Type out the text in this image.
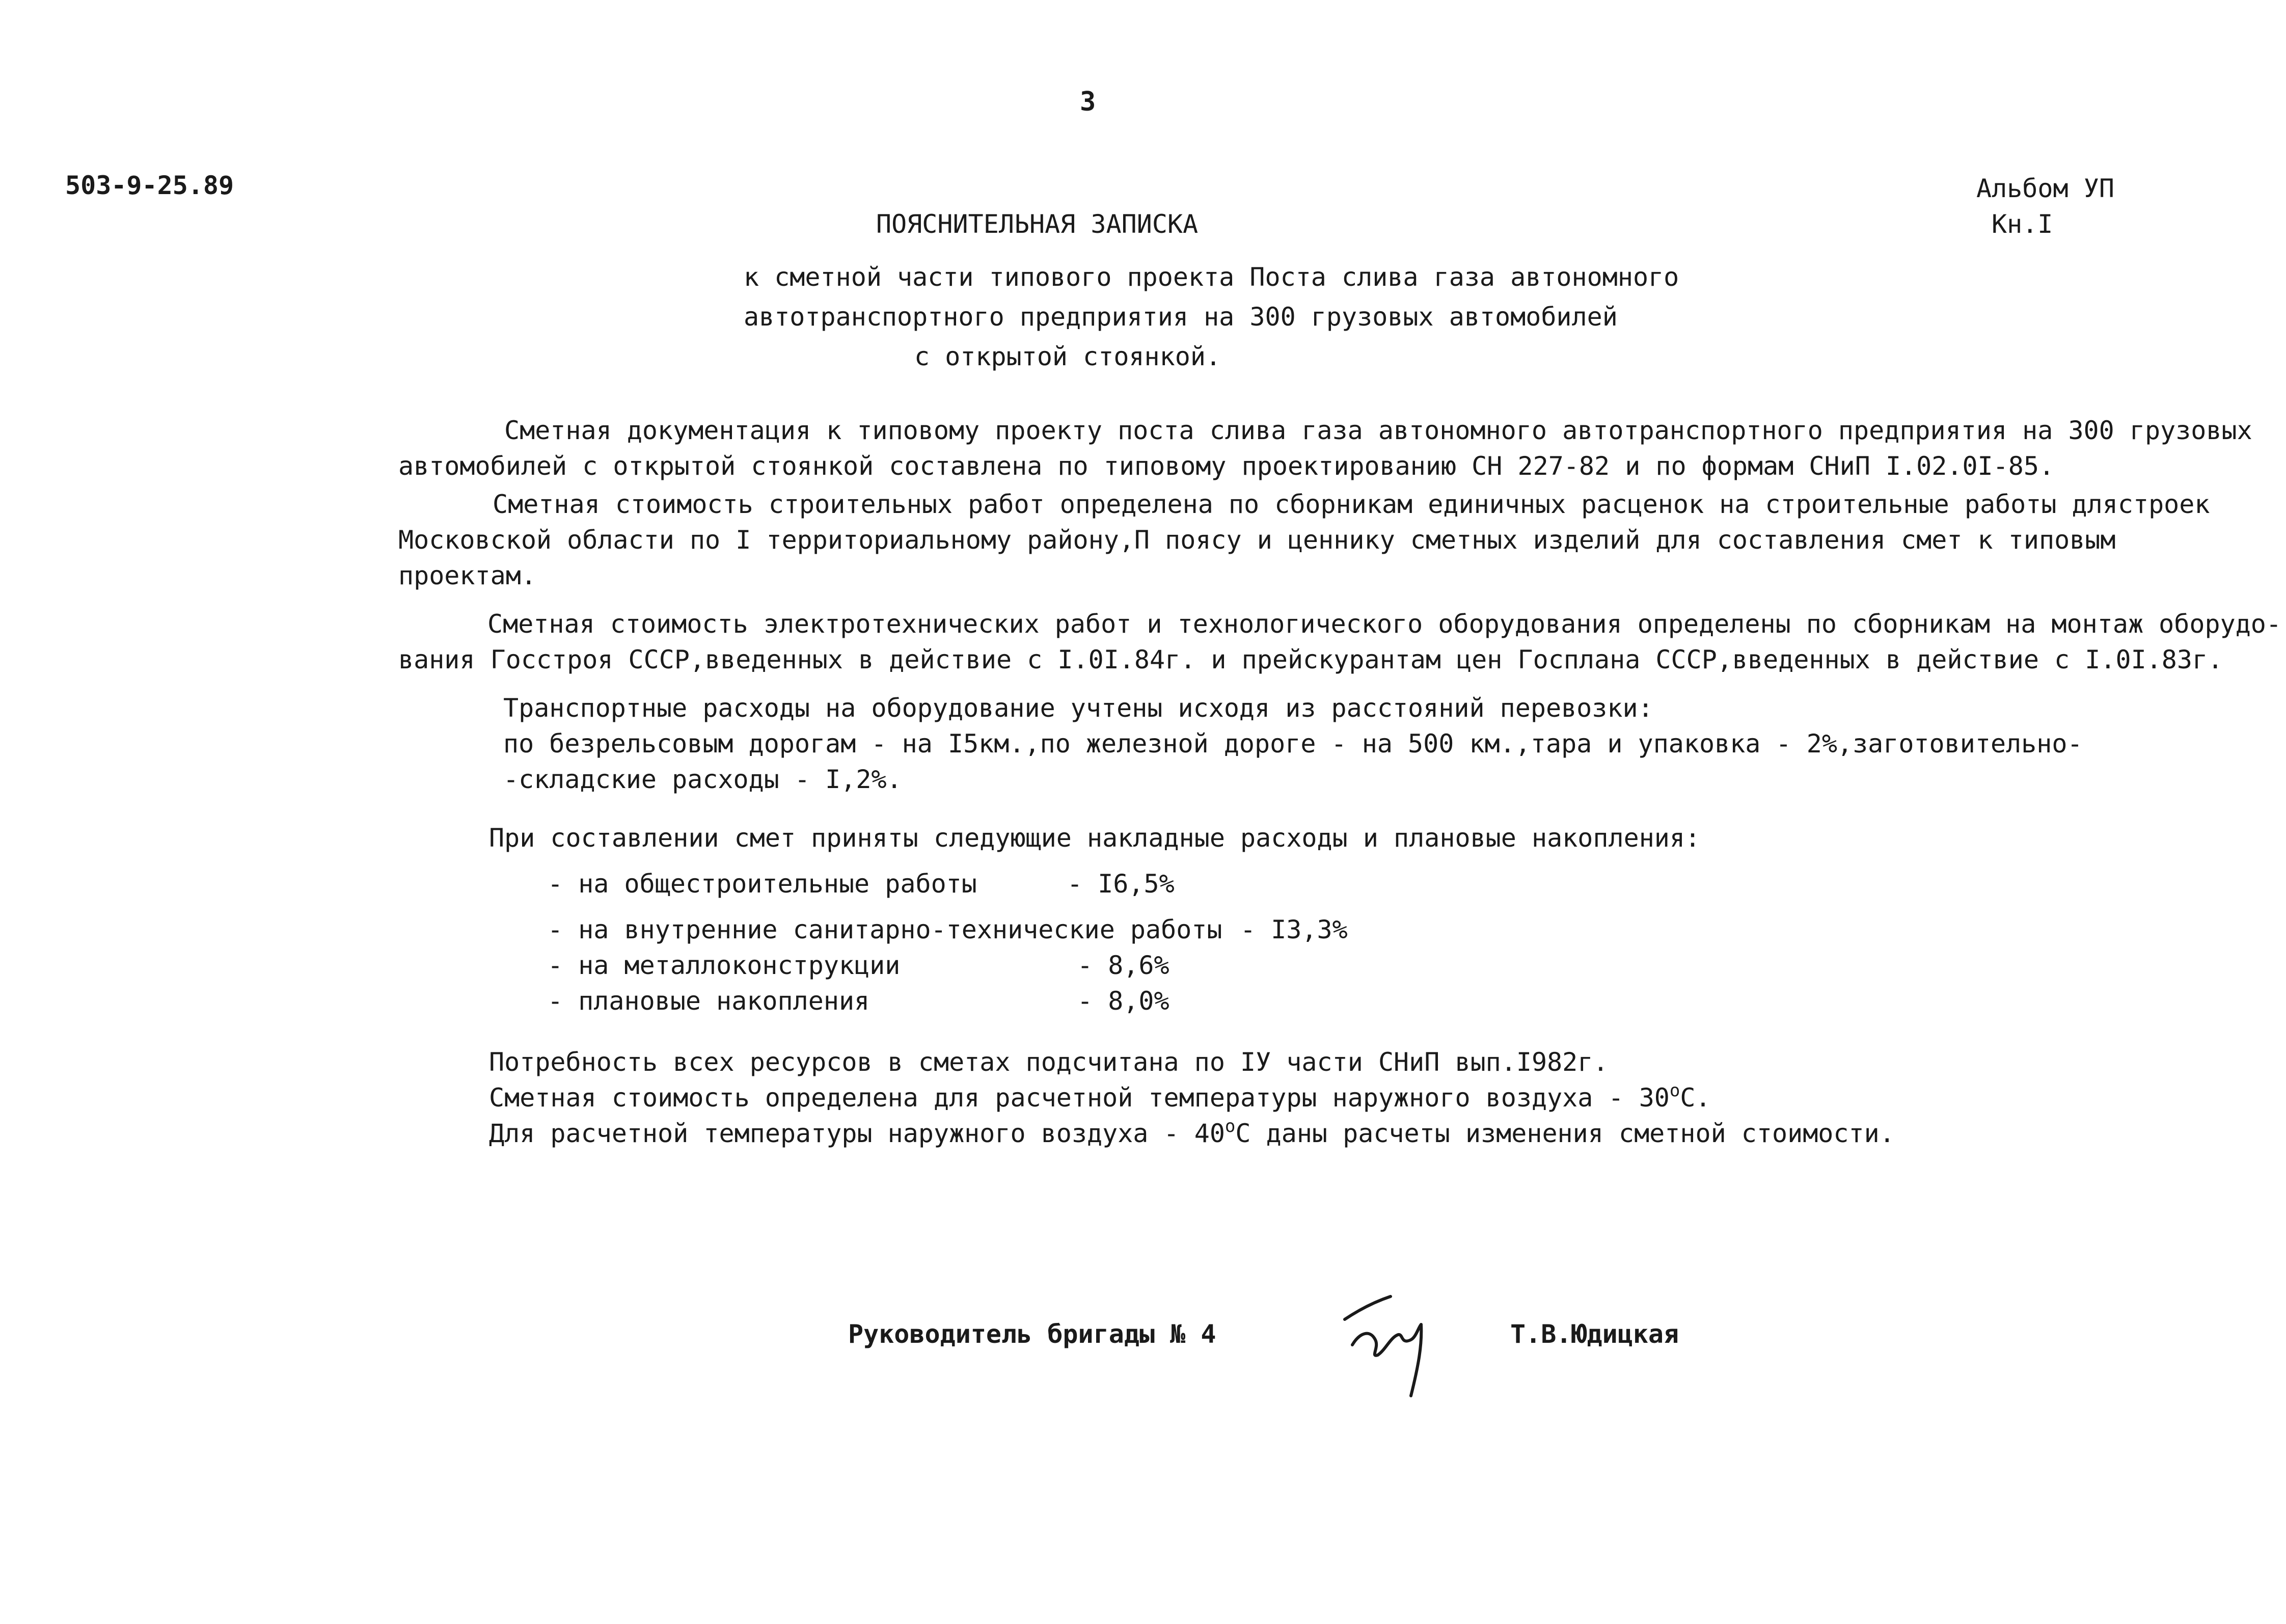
3
503-9-25.89	Альбом УП
Кн.I
ПОЯСНИТЕЛЬНАЯ ЗАПИСКА
к сметной части типового проекта Поста слива газа автономного
автотранспортного предприятия на 300 грузовых автомобилей
с открытой стоянкой.
Сметная документация к типовому проекту поста слива газа автономного автотранспортного предприятия на 300 грузовых
автомобилей с открытой стоянкой составлена по типовому проектированию СН 227-82 и по формам СНиП I.02.0I-85.
Сметная стоимость строительных работ определена по сборникам единичных расценок на строительные работы длястроек
Московской области по I территориальному району,П поясу и ценнику сметных изделий для составления смет к типовым
проектам.
Сметная стоимость электротехнических работ и технологического оборудования определены по сборникам на монтаж оборудо-
вания Госстроя СССР,введенных в действие с I.0I.84г. и прейскурантам цен Госплана СССР,введенных в действие с I.0I.83г.
Транспортные расходы на оборудование учтены исходя из расстояний перевозки:
по безрельсовым дорогам - на I5км.,по железной дороге - на 500 км.,тара и упаковка - 2%,заготовительно-
-складские расходы - I,2%.
При составлении смет приняты следующие накладные расходы и плановые накопления:
- на общестроительные работы	- I6,5%
- на внутренние санитарно-технические работы - I3,3%
- на металлоконструкции	- 8,6%
- плановые накопления	- 8,0%
Потребность всех ресурсов в сметах подсчитана по IУ части СНиП вып.I982г.
Сметная стоимость определена для расчетной температуры наружного воздуха - $30^оС$.
Для расчетной температуры наружного воздуха - $40^оС$ даны расчеты изменения сметной стоимости.
Руководитель бригады № 4	Т.В.Юдицкая
